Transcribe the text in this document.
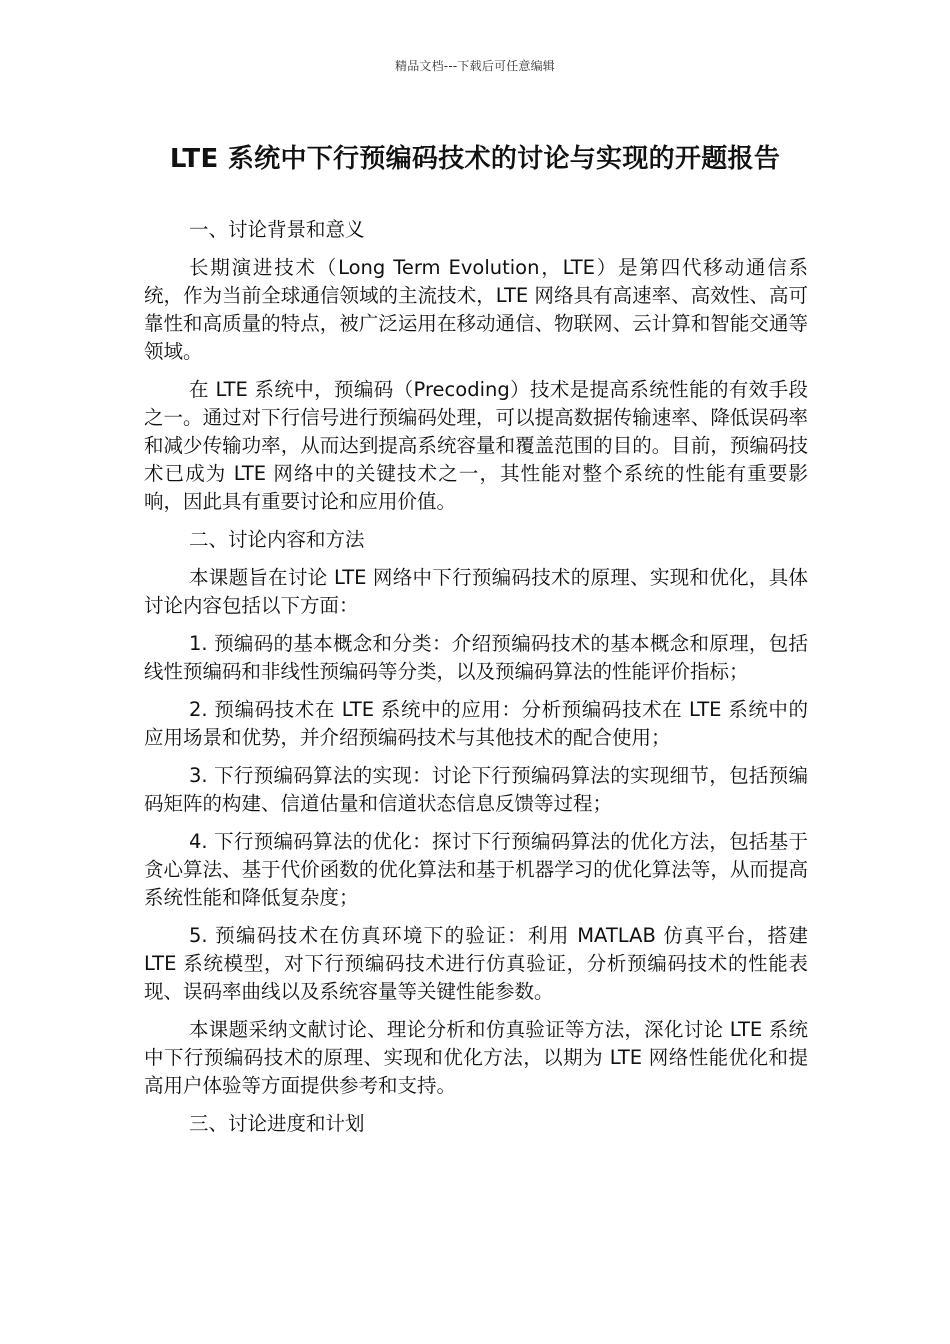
精品文档---下载后可任意编辑
LTE 系统中下行预编码技术的讨论与实现的开题报告

一、讨论背景和意义

长期演进技术（Long Term Evolution，LTE）是第四代移动通信系统，作为当前全球通信领域的主流技术，LTE 网络具有高速率、高效性、高可靠性和高质量的特点，被广泛运用在移动通信、物联网、云计算和智能交通等领域。

在 LTE 系统中，预编码（Precoding）技术是提高系统性能的有效手段之一。通过对下行信号进行预编码处理，可以提高数据传输速率、降低误码率和减少传输功率，从而达到提高系统容量和覆盖范围的目的。目前，预编码技术已成为 LTE 网络中的关键技术之一，其性能对整个系统的性能有重要影响，因此具有重要讨论和应用价值。

二、讨论内容和方法

本课题旨在讨论 LTE 网络中下行预编码技术的原理、实现和优化，具体讨论内容包括以下方面：

1. 预编码的基本概念和分类：介绍预编码技术的基本概念和原理，包括线性预编码和非线性预编码等分类，以及预编码算法的性能评价指标；

2. 预编码技术在 LTE 系统中的应用：分析预编码技术在 LTE 系统中的应用场景和优势，并介绍预编码技术与其他技术的配合使用；

3. 下行预编码算法的实现：讨论下行预编码算法的实现细节，包括预编码矩阵的构建、信道估量和信道状态信息反馈等过程；

4. 下行预编码算法的优化：探讨下行预编码算法的优化方法，包括基于贪心算法、基于代价函数的优化算法和基于机器学习的优化算法等，从而提高系统性能和降低复杂度；

5. 预编码技术在仿真环境下的验证：利用 MATLAB 仿真平台，搭建 LTE 系统模型，对下行预编码技术进行仿真验证，分析预编码技术的性能表现、误码率曲线以及系统容量等关键性能参数。

本课题采纳文献讨论、理论分析和仿真验证等方法，深化讨论 LTE 系统中下行预编码技术的原理、实现和优化方法，以期为 LTE 网络性能优化和提高用户体验等方面提供参考和支持。

三、讨论进度和计划
